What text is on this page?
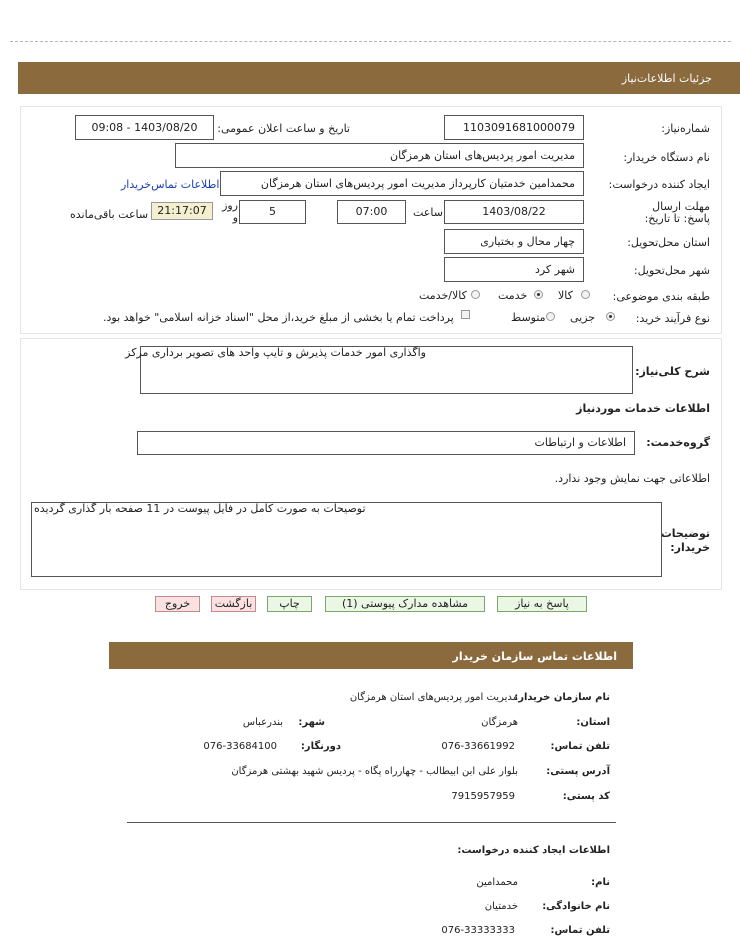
جزئیات اطلاعات‌نیاز
شماره‌نیاز:
1103091681000079
تاریخ و ساعت اعلان عمومی:
1403/08/20 - 09:08
نام دستگاه خریدار:
مدیریت امور پردیس‌های استان هرمزگان
ایجاد کننده درخواست:
محمدامین خدمتیان کارپرداز مدیریت امور پردیس‌های استان هرمزگان
اطلاعات تماس‌خریدار
مهلت ارسال پاسخ: تا تاریخ:
1403/08/22
ساعت
07:00
5
روز و
21:17:07
ساعت باقی‌مانده
استان محل‌تحویل:
چهار محال و بختیاری
شهر محل‌تحویل:
شهر کرد
طبقه بندی موضوعی:
کالا
خدمت
کالا/خدمت
نوع فرآیند خرید:
جزیی
متوسط
پرداخت تمام یا بخشی از مبلغ خرید،از محل "اسناد خزانه اسلامی" خواهد بود.
شرح کلی‌نیاز:
واگذاری امور خدمات پذیرش و تایپ واحد های تصویر برداری مرکز
اطلاعات خدمات موردنیاز
گروه‌خدمت:
اطلاعات و ارتباطات
اطلاعاتی جهت نمایش وجود ندارد.
توضیحات خریدار:
توصیحات به صورت کامل در فایل پیوست در 11 صفحه بار گذاری گردیده
پاسخ به نیاز
مشاهده مدارک پیوستی (1)
چاپ
بازگشت
خروج
اطلاعات تماس سازمان خریدار
نام سازمان خریدار:
مدیریت امور پردیس‌های استان هرمزگان
استان:
هرمزگان
شهر:
بندرعباس
تلفن تماس:
076-33661992
دورنگار:
076-33684100
آدرس پستی:
بلوار علی ابن ابیطالب - چهارراه پگاه - پردیس شهید بهشتی هرمزگان
کد پستی:
7915957959
اطلاعات ایجاد کننده درخواست:
نام:
محمدامین
نام خانوادگی:
خدمتیان
تلفن تماس:
076-33333333
